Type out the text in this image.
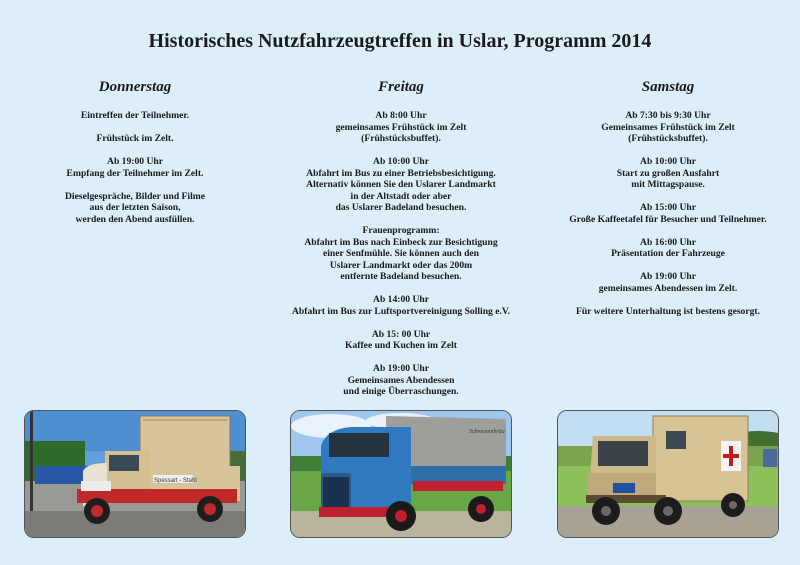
Historisches Nutzfahrzeugtreffen in Uslar, Programm 2014
Donnerstag
Eintreffen der Teilnehmer.
Frühstück im Zelt.
Ab 19:00 Uhr
Empfang der Teilnehmer im Zelt.
Dieselgespräche, Bilder und Filme
aus der letzten Saison,
werden den Abend ausfüllen.
Freitag
Ab 8:00 Uhr
gemeinsames Frühstück im Zelt
(Frühstücksbuffet).
Ab 10:00 Uhr
Abfahrt im Bus zu einer Betriebsbesichtigung.
Alternativ können Sie den Uslarer Landmarkt
in der Altstadt oder aber
das Uslarer Badeland besuchen.
Frauenprogramm:
Abfahrt im Bus nach Einbeck zur Besichtigung
einer Senfmühle. Sie können auch den
Uslarer Landmarkt oder das 200m
entfernte Badeland besuchen.
Ab 14:00 Uhr
Abfahrt im Bus zur Luftsportvereinigung Solling e.V.
Ab 15: 00 Uhr
Kaffee und Kuchen im Zelt
Ab 19:00 Uhr
Gemeinsames Abendessen
und einige Überraschungen.
Samstag
Ab 7:30 bis 9:30 Uhr
Gemeinsames Frühstück im Zelt
(Frühstücksbuffet).
Ab 10:00 Uhr
Start zu großen Ausfahrt
mit Mittagspause.
Ab 15:00 Uhr
Große Kaffeetafel für Besucher und Teilnehmer.
Ab 16:00 Uhr
Präsentation der Fahrzeuge
Ab 19:00 Uhr
gemeinsames Abendessen im Zelt.
Für weitere Unterhaltung ist bestens gesorgt.
Spessart - Stahl
Schwanenbräu
